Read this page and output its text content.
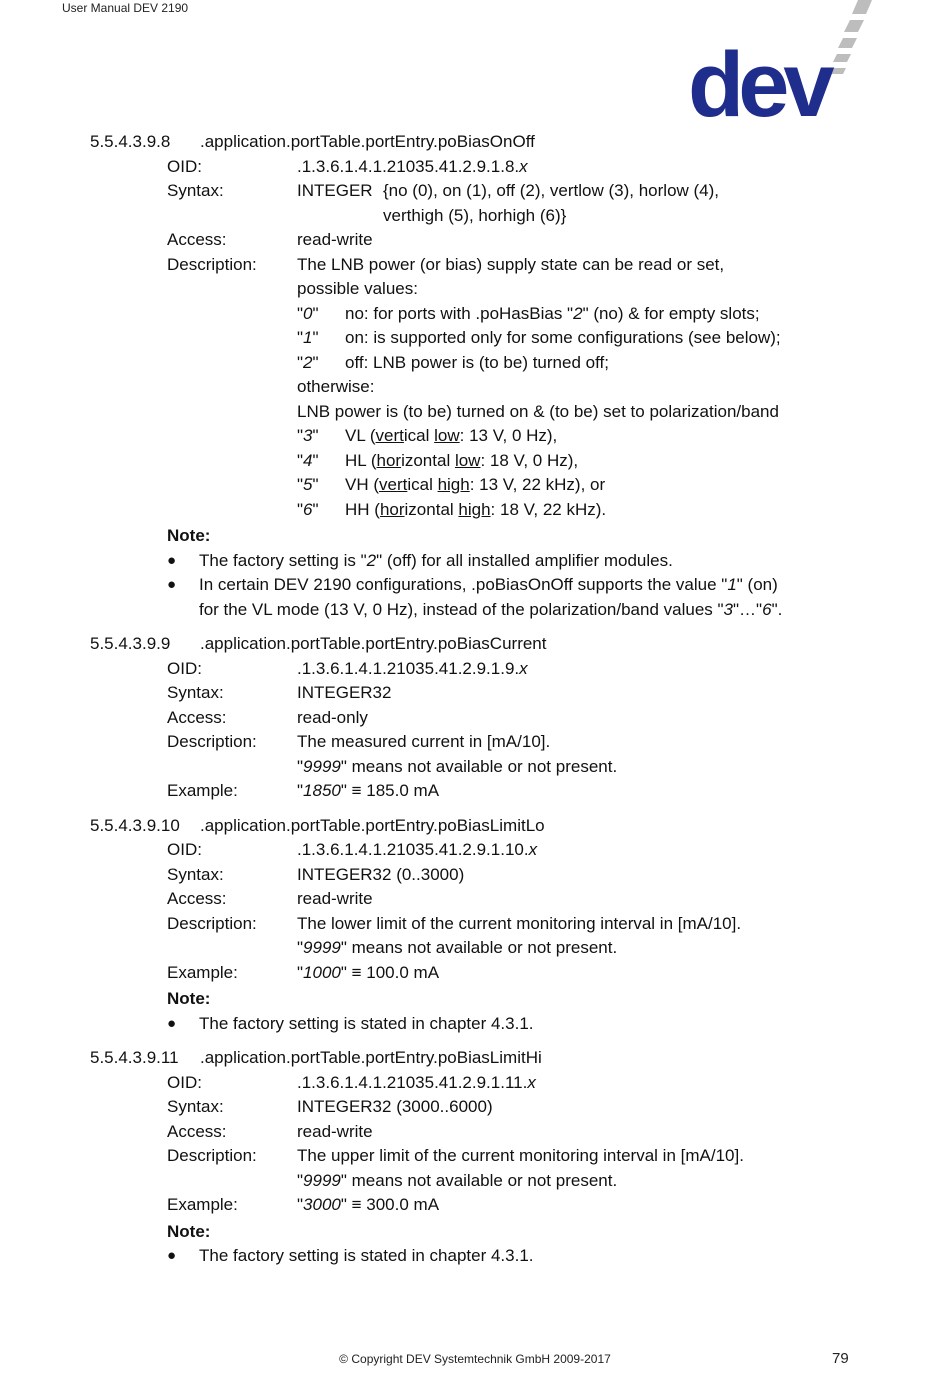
User Manual DEV 2190
dev
5.5.4.3.9.8	.application.portTable.portEntry.poBiasOnOff
OID:	.1.3.6.1.4.1.21035.41.2.9.1.8.x
Syntax:	INTEGER {no (0), on (1), off (2), vertlow (3), horlow (4),
verthigh (5), horhigh (6)}
Access:	read-write
Description:	The LNB power (or bias) supply state can be read or set,
possible values:
"0"	no: for ports with .poHasBias "2" (no) & for empty slots;
"1"	on: is supported only for some configurations (see below);
"2"	off: LNB power is (to be) turned off;
otherwise:
LNB power is (to be) turned on & (to be) set to polarization/band
"3"	VL (vertical low: 13 V, 0 Hz),
"4"	HL (horizontal low: 18 V, 0 Hz),
"5"	VH (vertical high: 13 V, 22 kHz), or
"6"	HH (horizontal high: 18 V, 22 kHz).
Note:
●	The factory setting is "2" (off) for all installed amplifier modules.
●	In certain DEV 2190 configurations, .poBiasOnOff supports the value "1" (on)
for the VL mode (13 V, 0 Hz), instead of the polarization/band values "3"…"6".
5.5.4.3.9.9	.application.portTable.portEntry.poBiasCurrent
OID:	.1.3.6.1.4.1.21035.41.2.9.1.9.x
Syntax:	INTEGER32
Access:	read-only
Description:	The measured current in [mA/10].
"9999" means not available or not present.
Example:	"1850" ≡ 185.0 mA
5.5.4.3.9.10	.application.portTable.portEntry.poBiasLimitLo
OID:	.1.3.6.1.4.1.21035.41.2.9.1.10.x
Syntax:	INTEGER32 (0..3000)
Access:	read-write
Description:	The lower limit of the current monitoring interval in [mA/10].
"9999" means not available or not present.
Example:	"1000" ≡ 100.0 mA
Note:
●	The factory setting is stated in chapter 4.3.1.
5.5.4.3.9.11	.application.portTable.portEntry.poBiasLimitHi
OID:	.1.3.6.1.4.1.21035.41.2.9.1.11.x
Syntax:	INTEGER32 (3000..6000)
Access:	read-write
Description:	The upper limit of the current monitoring interval in [mA/10].
"9999" means not available or not present.
Example:	"3000" ≡ 300.0 mA
Note:
●	The factory setting is stated in chapter 4.3.1.
© Copyright DEV Systemtechnik GmbH 2009-2017	79
